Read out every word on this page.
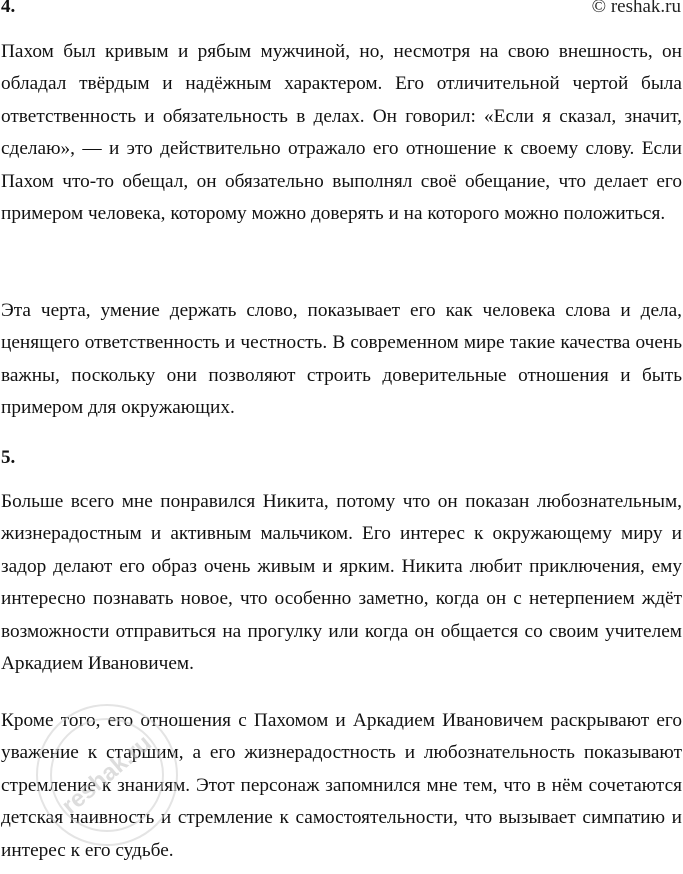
4.	© reshak.ru

Пахом был кривым и рябым мужчиной, но, несмотря на свою внешность, он обладал твёрдым и надёжным характером. Его отличительной чертой была ответственность и обязательность в делах. Он говорил: «Если я сказал, значит, сделаю», — и это действительно отражало его отношение к своему слову. Если Пахом что-то обещал, он обязательно выполнял своё обещание, что делает его примером человека, которому можно доверять и на которого можно положиться.

Эта черта, умение держать слово, показывает его как человека слова и дела, ценящего ответственность и честность. В современном мире такие качества очень важны, поскольку они позволяют строить доверительные отношения и быть примером для окружающих.

5.

Больше всего мне понравился Никита, потому что он показан любознательным, жизнерадостным и активным мальчиком. Его интерес к окружающему миру и задор делают его образ очень живым и ярким. Никита любит приключения, ему интересно познавать новое, что особенно заметно, когда он с нетерпением ждёт возможности отправиться на прогулку или когда он общается со своим учителем Аркадием Ивановичем.

Кроме того, его отношения с Пахомом и Аркадием Ивановичем раскрывают его уважение к старшим, а его жизнерадостность и любознательность показывают стремление к знаниям. Этот персонаж запомнился мне тем, что в нём сочетаются детская наивность и стремление к самостоятельности, что вызывает симпатию и интерес к его судьбе.

reshak.ru
